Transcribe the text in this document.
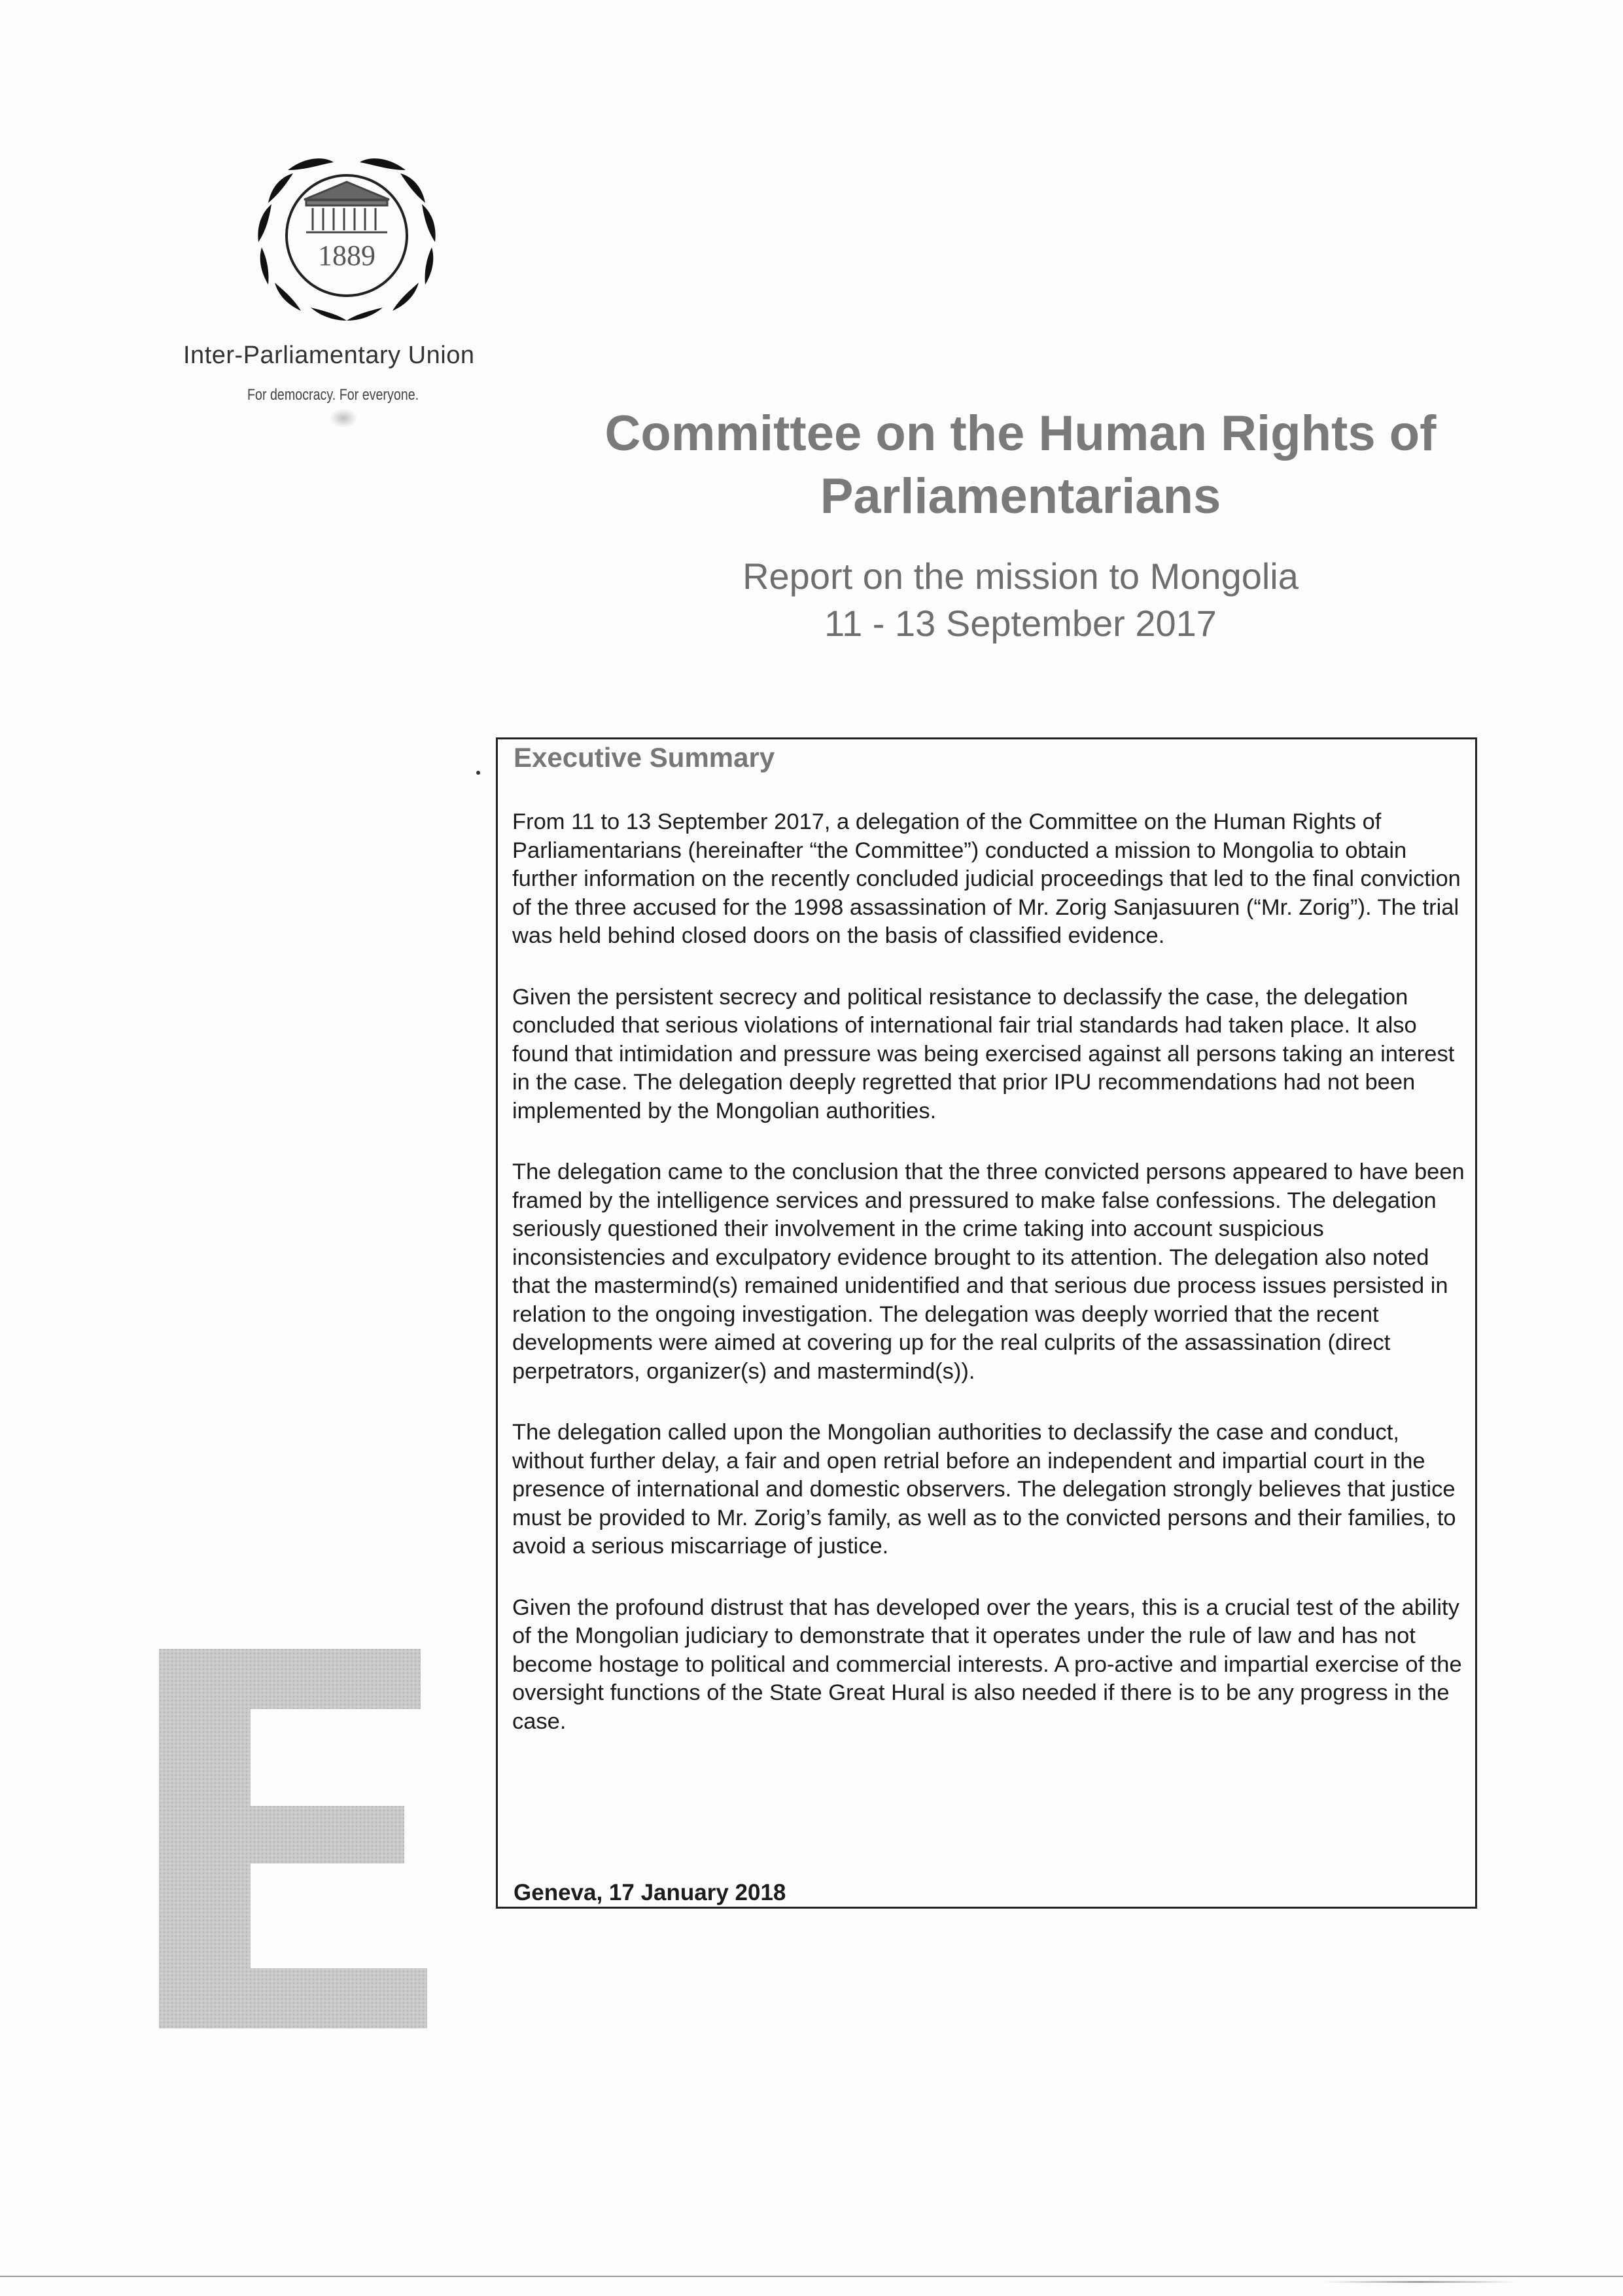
1889
Inter-Parliamentary Union
For democracy. For everyone.
Committee on the Human Rights of
Parliamentarians
Report on the mission to Mongolia
11 - 13 September 2017
Executive Summary

From 11 to 13 September 2017, a delegation of the Committee on the Human Rights of Parliamentarians (hereinafter “the Committee”) conducted a mission to Mongolia to obtain further information on the recently concluded judicial proceedings that led to the final conviction of the three accused for the 1998 assassination of Mr. Zorig Sanjasuuren (“Mr. Zorig”). The trial was held behind closed doors on the basis of classified evidence.

Given the persistent secrecy and political resistance to declassify the case, the delegation concluded that serious violations of international fair trial standards had taken place. It also found that intimidation and pressure was being exercised against all persons taking an interest in the case. The delegation deeply regretted that prior IPU recommendations had not been implemented by the Mongolian authorities.

The delegation came to the conclusion that the three convicted persons appeared to have been framed by the intelligence services and pressured to make false confessions. The delegation seriously questioned their involvement in the crime taking into account suspicious inconsistencies and exculpatory evidence brought to its attention. The delegation also noted that the mastermind(s) remained unidentified and that serious due process issues persisted in relation to the ongoing investigation. The delegation was deeply worried that the recent developments were aimed at covering up for the real culprits of the assassination (direct perpetrators, organizer(s) and mastermind(s)).

The delegation called upon the Mongolian authorities to declassify the case and conduct, without further delay, a fair and open retrial before an independent and impartial court in the presence of international and domestic observers. The delegation strongly believes that justice must be provided to Mr. Zorig’s family, as well as to the convicted persons and their families, to avoid a serious miscarriage of justice.

Given the profound distrust that has developed over the years, this is a crucial test of the ability of the Mongolian judiciary to demonstrate that it operates under the rule of law and has not become hostage to political and commercial interests. A pro-active and impartial exercise of the oversight functions of the State Great Hural is also needed if there is to be any progress in the case.

Geneva, 17 January 2018
